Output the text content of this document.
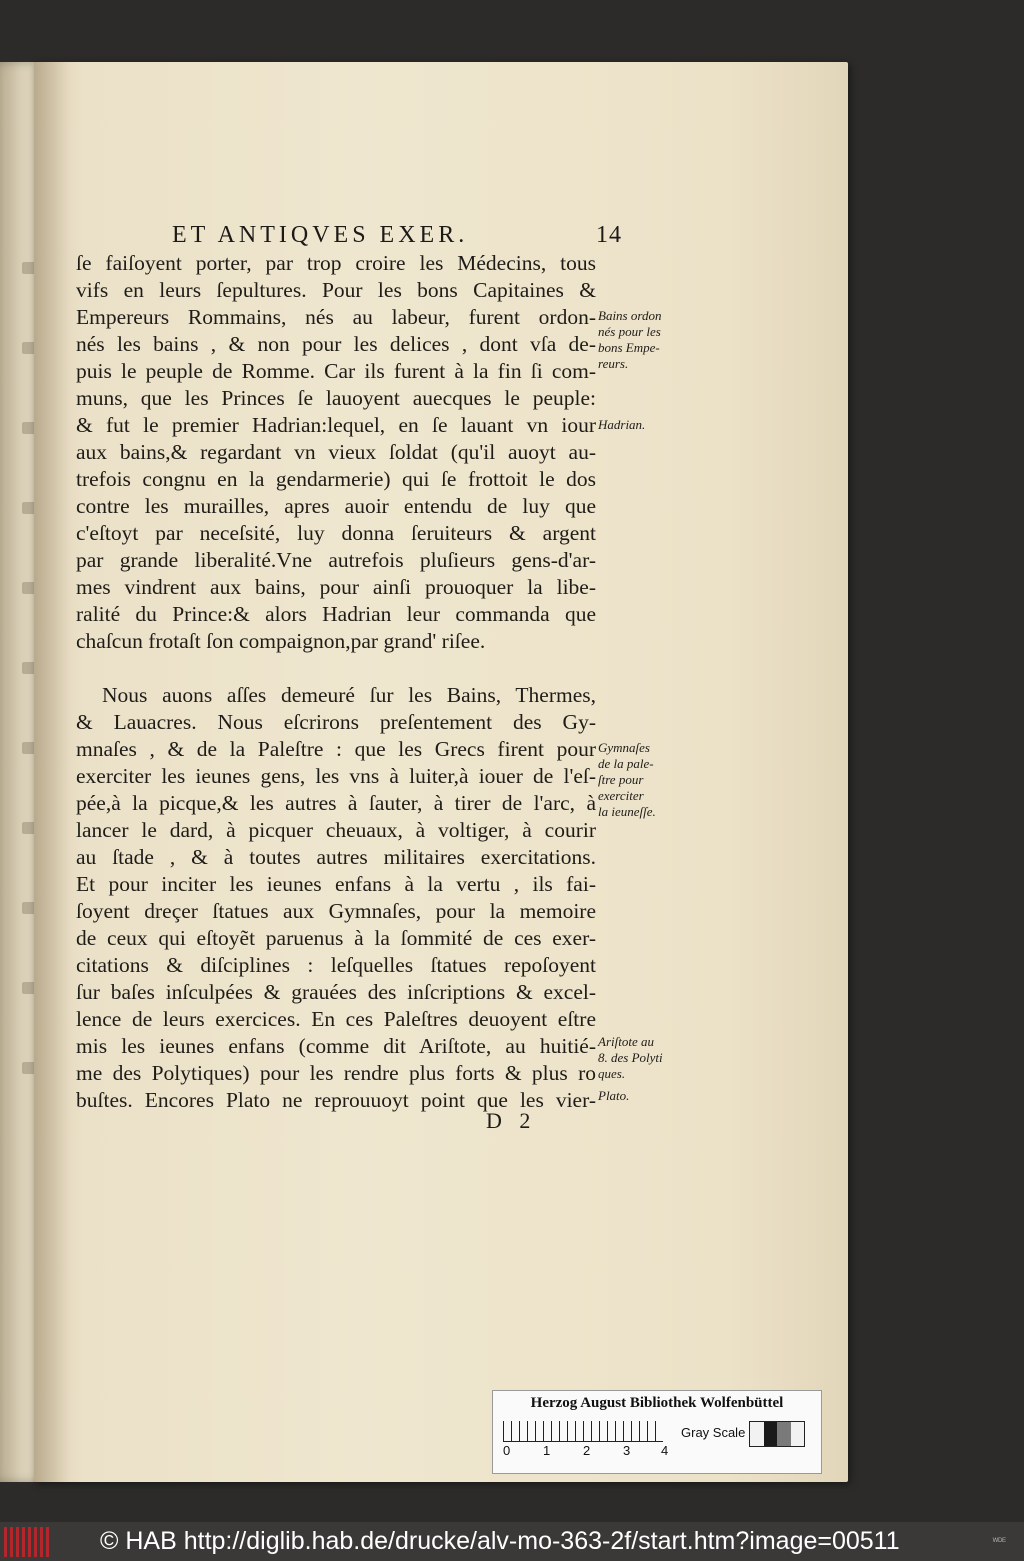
ET ANTIQVES EXER.	14
ſe faiſoyent porter, par trop croire les Médecins, tous
vifs en leurs ſepultures. Pour les bons Capitaines &
Empereurs Rommains, nés au labeur, furent ordon-
nés les bains , & non pour les delices , dont vſa de-
puis le peuple de Romme. Car ils furent à la fin ſi com-
muns, que les Princes ſe lauoyent auecques le peuple:
& fut le premier Hadrian:lequel, en ſe lauant vn iour
aux bains,& regardant vn vieux ſoldat (qu'il auoyt au-
trefois congnu en la gendarmerie) qui ſe frottoit le dos
contre les murailles, apres auoir entendu de luy que
c'eſtoyt par neceſsité, luy donna ſeruiteurs & argent
par grande liberalité.Vne autrefois pluſieurs gens-d'ar-
mes vindrent aux bains, pour ainſi prouoquer la libe-
ralité du Prince:& alors Hadrian leur commanda que
chaſcun frotaſt ſon compaignon,par grand' riſee.
Nous auons aſſes demeuré ſur les Bains, Thermes,
& Lauacres. Nous eſcrirons preſentement des Gy-
mnaſes , & de la Paleſtre : que les Grecs firent pour
exerciter les ieunes gens, les vns à luiter,à iouer de l'eſ-
pée,à la picque,& les autres à ſauter, à tirer de l'arc, à
lancer le dard, à picquer cheuaux, à voltiger, à courir
au ſtade , & à toutes autres militaires exercitations.
Et pour inciter les ieunes enfans à la vertu , ils fai-
ſoyent dreçer ſtatues aux Gymnaſes, pour la memoire
de ceux qui eſtoyẽt paruenus à la ſommité de ces exer-
citations & diſciplines : leſquelles ſtatues repoſoyent
ſur baſes inſculpées & grauées des inſcriptions & excel-
lence de leurs exercices. En ces Paleſtres deuoyent eſtre
mis les ieunes enfans (comme dit Ariſtote, au huitié-
me des Polytiques) pour les rendre plus forts & plus ro
buſtes. Encores Plato ne reprouuoyt point que les vier-
Bains ordon
nés pour les
bons Empe-
reurs.
Hadrian.
Gymnaſes
de la pale-
ſtre pour
exerciter
la ieuneſſe.
Ariſtote au
8. des Polyti
ques.
Plato.
D 2
Herzog August Bibliothek Wolfenbüttel
0	1	2	3 4
Gray Scale
© HAB http://diglib.hab.de/drucke/alv-mo-363-2f/start.htm?image=00511	ᵂᴰᴱ
